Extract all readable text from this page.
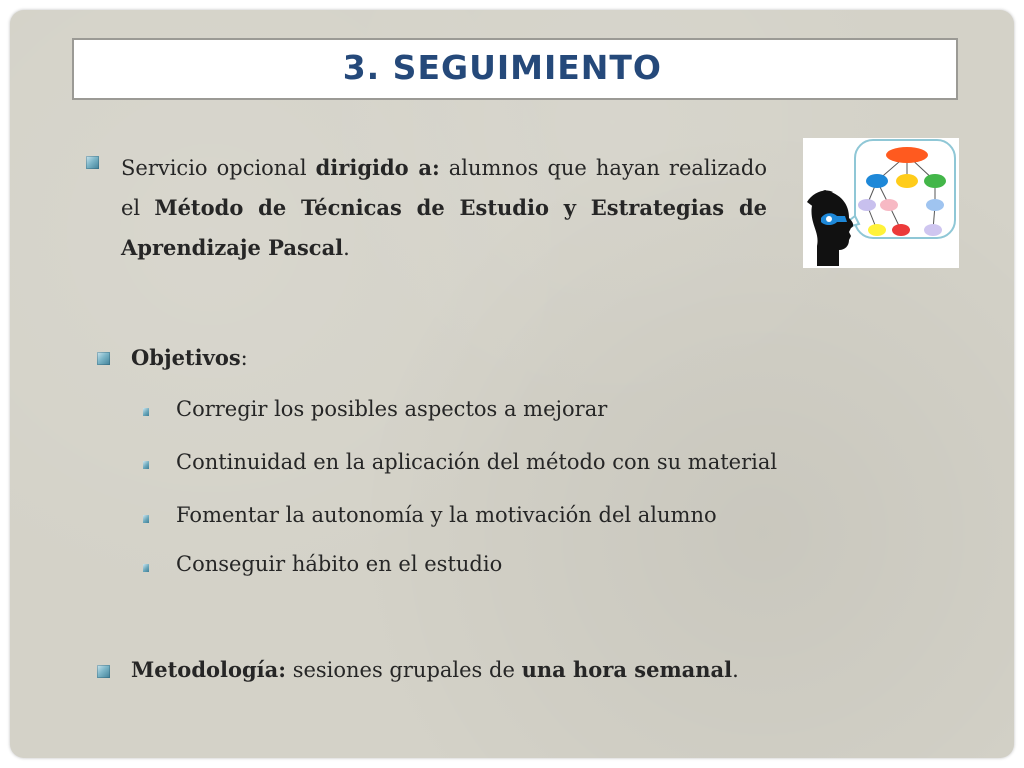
3. SEGUIMIENTO
Servicio opcional dirigido a: alumnos que hayan realizado
el Método de Técnicas de Estudio y Estrategias de
Aprendizaje Pascal.
Objetivos:
Corregir los posibles aspectos a mejorar
Continuidad en la aplicación del método con su material
Fomentar la autonomía y la motivación del alumno
Conseguir hábito en el estudio
Metodología: sesiones grupales de una hora semanal.
